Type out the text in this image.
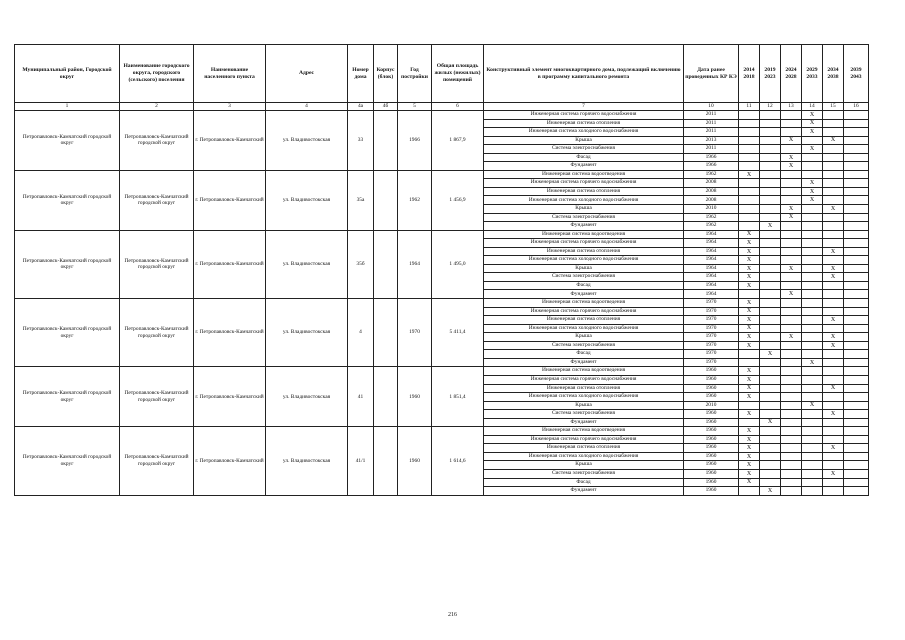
Муниципальный район, Городской округ	Наименование городского округа, городского (сельского) поселения	Наименование населенного пункта	Адрес	Номер дома	Корпус (блок)	Год постройки	Общая площадь жилых (нежилых) помещений	Конструктивный элемент многоквартирного дома, подлежащий включению в программу капитального ремонта	Дата ранее проведенных КР КЭ	2014 2018	2019 2023	2024 2028	2029 2033	2034 2038	2039 2043
1	2	3	4	4а	4б	5	6	7	10	11	12	13	14	15	16
Петропавловск-Камчатский городской округ	Петропавловск-Камчатский городской округ	г. Петропавловск-Камчатский	ул. Владивостокская	33		1966	1 867,9	Инженерная система горячего водоснабжения	2011				X		
								Инженерная система отопления	2011				X		
								Инженерная система холодного водоснабжения	2011				X		
								Крыша	2013			X		X	
								Система электроснабжения	2011				X		
								Фасад	1966			X			
								Фундамент	1966			X			
Петропавловск-Камчатский городской округ	Петропавловск-Камчатский городской округ	г. Петропавловск-Камчатский	ул. Владивостокская	35а		1962	1 456,9	Инженерная система водоотведения	1962	X					
								Инженерная система горячего водоснабжения	2008				X		
								Инженерная система отопления	2008				X		
								Инженерная система холодного водоснабжения	2008				X		
								Крыша	2010			X		X	
								Система электроснабжения	1962			X			
								Фундамент	1962		X				
Петропавловск-Камчатский городской округ	Петропавловск-Камчатский городской округ	г. Петропавловск-Камчатский	ул. Владивостокская	35б		1964	1 495,0	Инженерная система водоотведения	1964	X					
								Инженерная система горячего водоснабжения	1964	X					
								Инженерная система отопления	1964	X				X	
								Инженерная система холодного водоснабжения	1964	X					
								Крыша	1964	X		X		X	
								Система электроснабжения	1964	X				X	
								Фасад	1964	X					
								Фундамент	1964			X			
Петропавловск-Камчатский городской округ	Петропавловск-Камчатский городской округ	г. Петропавловск-Камчатский	ул. Владивостокская	4		1970	5 411,4	Инженерная система водоотведения	1970	X					
								Инженерная система горячего водоснабжения	1970	X					
								Инженерная система отопления	1970	X				X	
								Инженерная система холодного водоснабжения	1970	X					
								Крыша	1970	X		X		X	
								Система электроснабжения	1970	X				X	
								Фасад	1970		X				
								Фундамент	1970				X		
Петропавловск-Камчатский городской округ	Петропавловск-Камчатский городской округ	г. Петропавловск-Камчатский	ул. Владивостокская	41		1960	1 851,4	Инженерная система водоотведения	1960	X					
								Инженерная система горячего водоснабжения	1960	X					
								Инженерная система отопления	1960	X				X	
								Инженерная система холодного водоснабжения	1960	X					
								Крыша	2010				X		
								Система электроснабжения	1960	X				X	
								Фундамент	1960		X				
Петропавловск-Камчатский городской округ	Петропавловск-Камчатский городской округ	г. Петропавловск-Камчатский	ул. Владивостокская	41/1		1960	1 614,6	Инженерная система водоотведения	1960	X					
								Инженерная система горячего водоснабжения	1960	X					
								Инженерная система отопления	1960	X				X	
								Инженерная система холодного водоснабжения	1960	X					
								Крыша	1960	X					
								Система электроснабжения	1960	X				X	
								Фасад	1960	X					
								Фундамент	1960		X				
216
